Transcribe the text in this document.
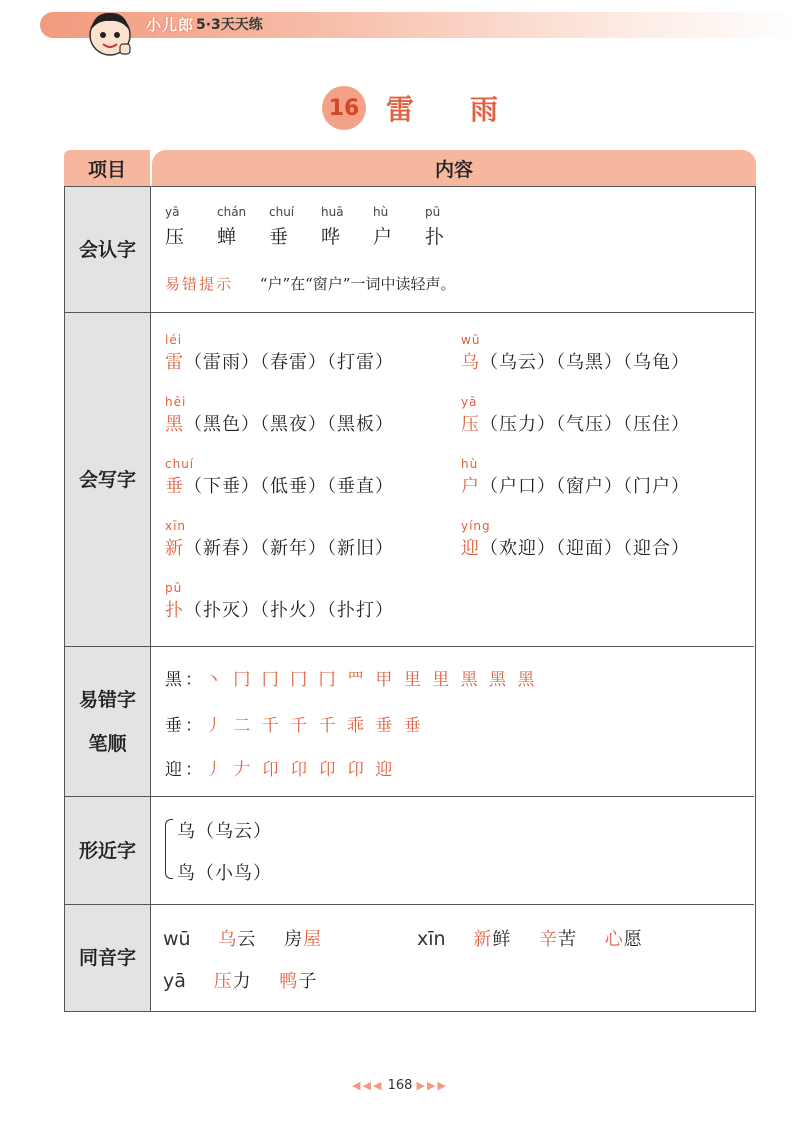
小儿郎 5·3天天练
16 雷雨
项目	内容
会认字
yā
压
chán
蝉
chuí
垂
huā
哗
hù
户
pū
扑
易错提示 “户”在“窗户”一词中读轻声。
会写字
léi
雷（雷雨）（春雷）（打雷）
wū
乌（乌云）（乌黑）（乌龟）
hēi
黑（黑色）（黑夜）（黑板）
yā
压（压力）（气压）（压住）
chuí
垂（下垂）（低垂）（垂直）
hù
户（户口）（窗户）（门户）
xīn
新（新春）（新年）（新旧）
yíng
迎（欢迎）（迎面）（迎合）
pū
扑（扑灭）（扑火）（扑打）
易错字
笔顺
黑：丶 冂 冂 冂 冂 罒 甲 里 里 黑 黑 黑
垂：丿 二 千 千 千 乖 垂 垂
迎：丿 𠂇 卬 卬 卬 卬 迎
形近字
乌（乌云）
鸟（小鸟）
同音字
wū 乌云 房屋	xīn 新鲜 辛苦 心愿
yā 压力 鸭子
◀◀◀ 168 ▶▶▶
